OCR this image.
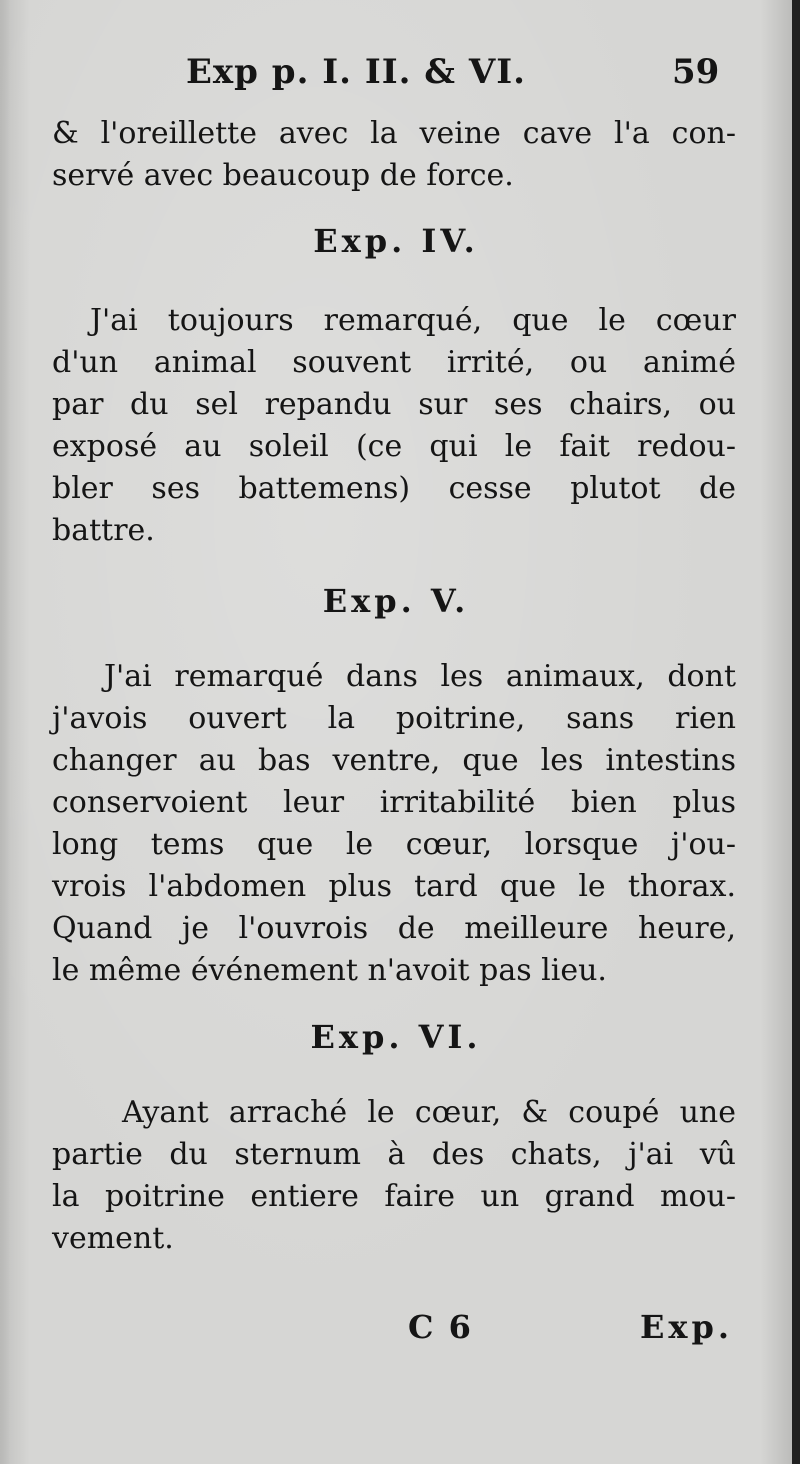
Exp p. I. II. & VI.	59
& l'oreillette avec la veine cave l'a con-
servé avec beaucoup de force.
Exp. IV.
J'ai toujours remarqué, que le cœur
d'un animal souvent irrité, ou animé
par du sel repandu sur ses chairs, ou
exposé au soleil (ce qui le fait redou-
bler ses battemens) cesse plutot de
battre.
Exp. V.
J'ai remarqué dans les animaux, dont
j'avois ouvert la poitrine, sans rien
changer au bas ventre, que les intestins
conservoient leur irritabilité bien plus
long tems que le cœur, lorsque j'ou-
vrois l'abdomen plus tard que le thorax.
Quand je l'ouvrois de meilleure heure,
le même événement n'avoit pas lieu.
Exp. VI.
Ayant arraché le cœur, & coupé une
partie du sternum à des chats, j'ai vû
la poitrine entiere faire un grand mou-
vement.
C 6	Exp.
